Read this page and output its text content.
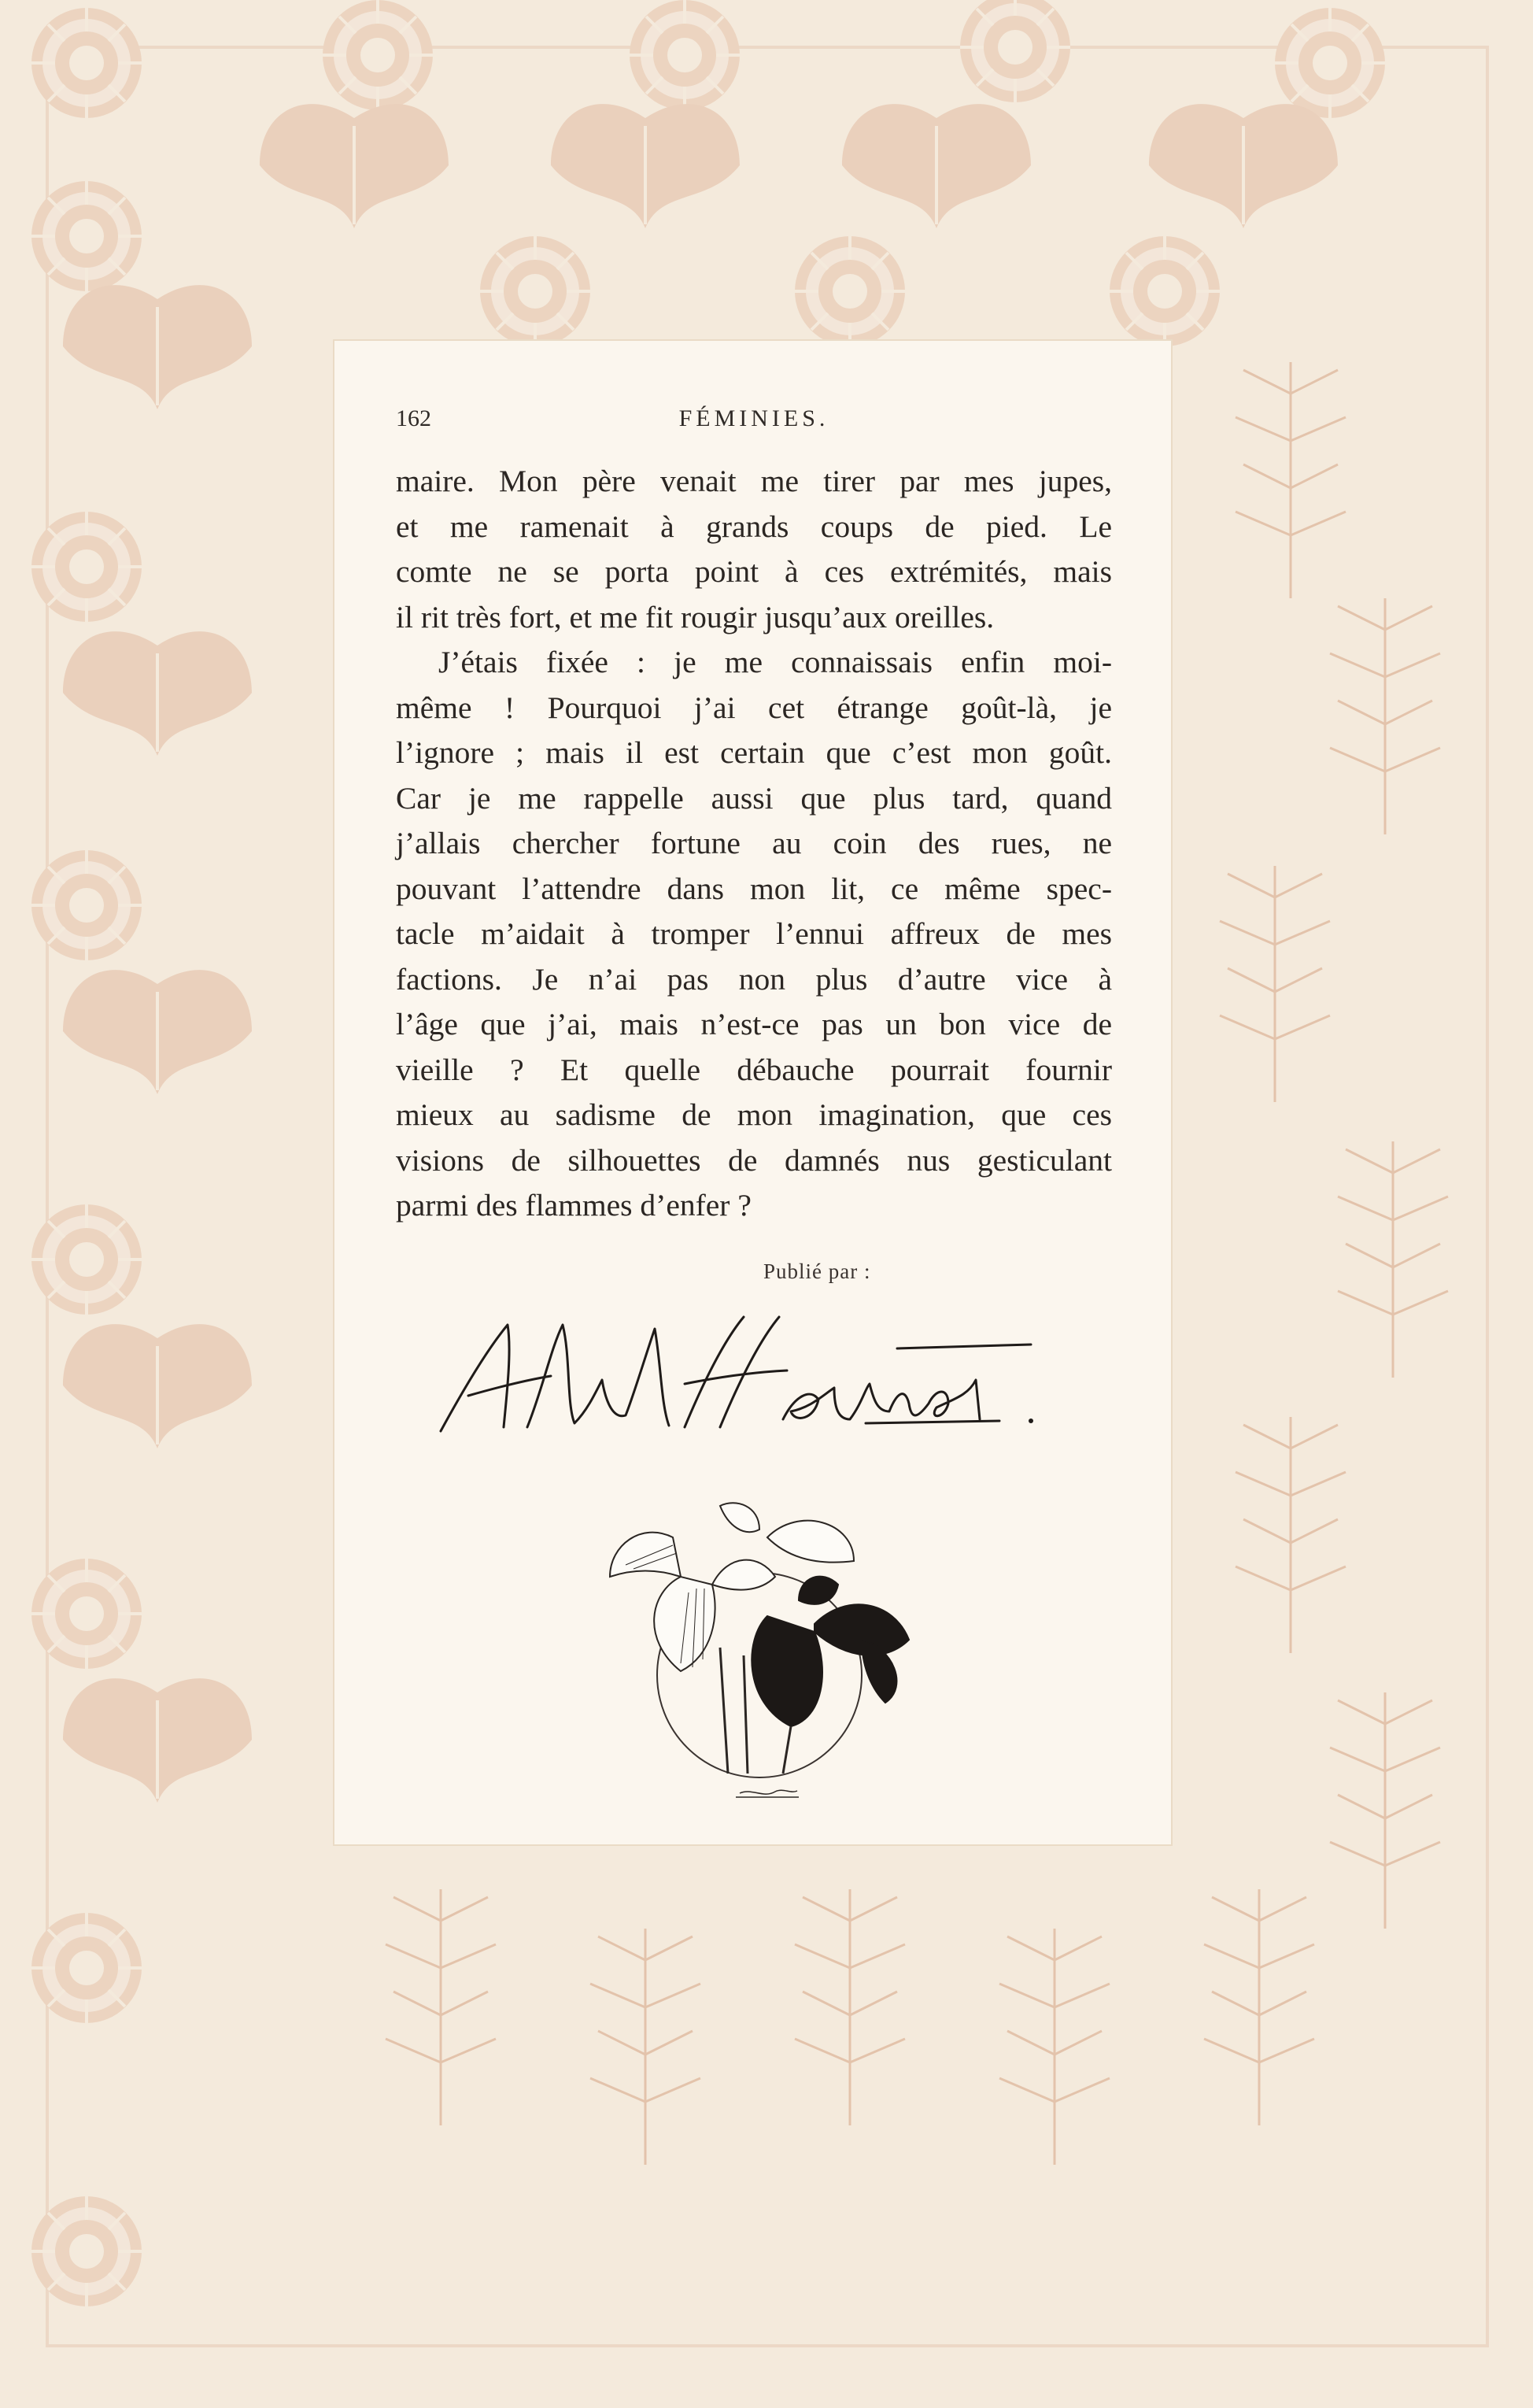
162	FÉMINIES.
maire. Mon père venait me tirer par mes jupes,
et me ramenait à grands coups de pied. Le
comte ne se porta point à ces extrémités, mais
il rit très fort, et me fit rougir jusqu’aux oreilles.
J’étais fixée : je me connaissais enfin moi-
même ! Pourquoi j’ai cet étrange goût-là, je
l’ignore ; mais il est certain que c’est mon goût.
Car je me rappelle aussi que plus tard, quand
j’allais chercher fortune au coin des rues, ne
pouvant l’attendre dans mon lit, ce même spec-
tacle m’aidait à tromper l’ennui affreux de mes
factions. Je n’ai pas non plus d’autre vice à
l’âge que j’ai, mais n’est-ce pas un bon vice de
vieille ? Et quelle débauche pourrait fournir
mieux au sadisme de mon imagination, que ces
visions de silhouettes de damnés nus gesticulant
parmi des flammes d’enfer ?
Publié par :
